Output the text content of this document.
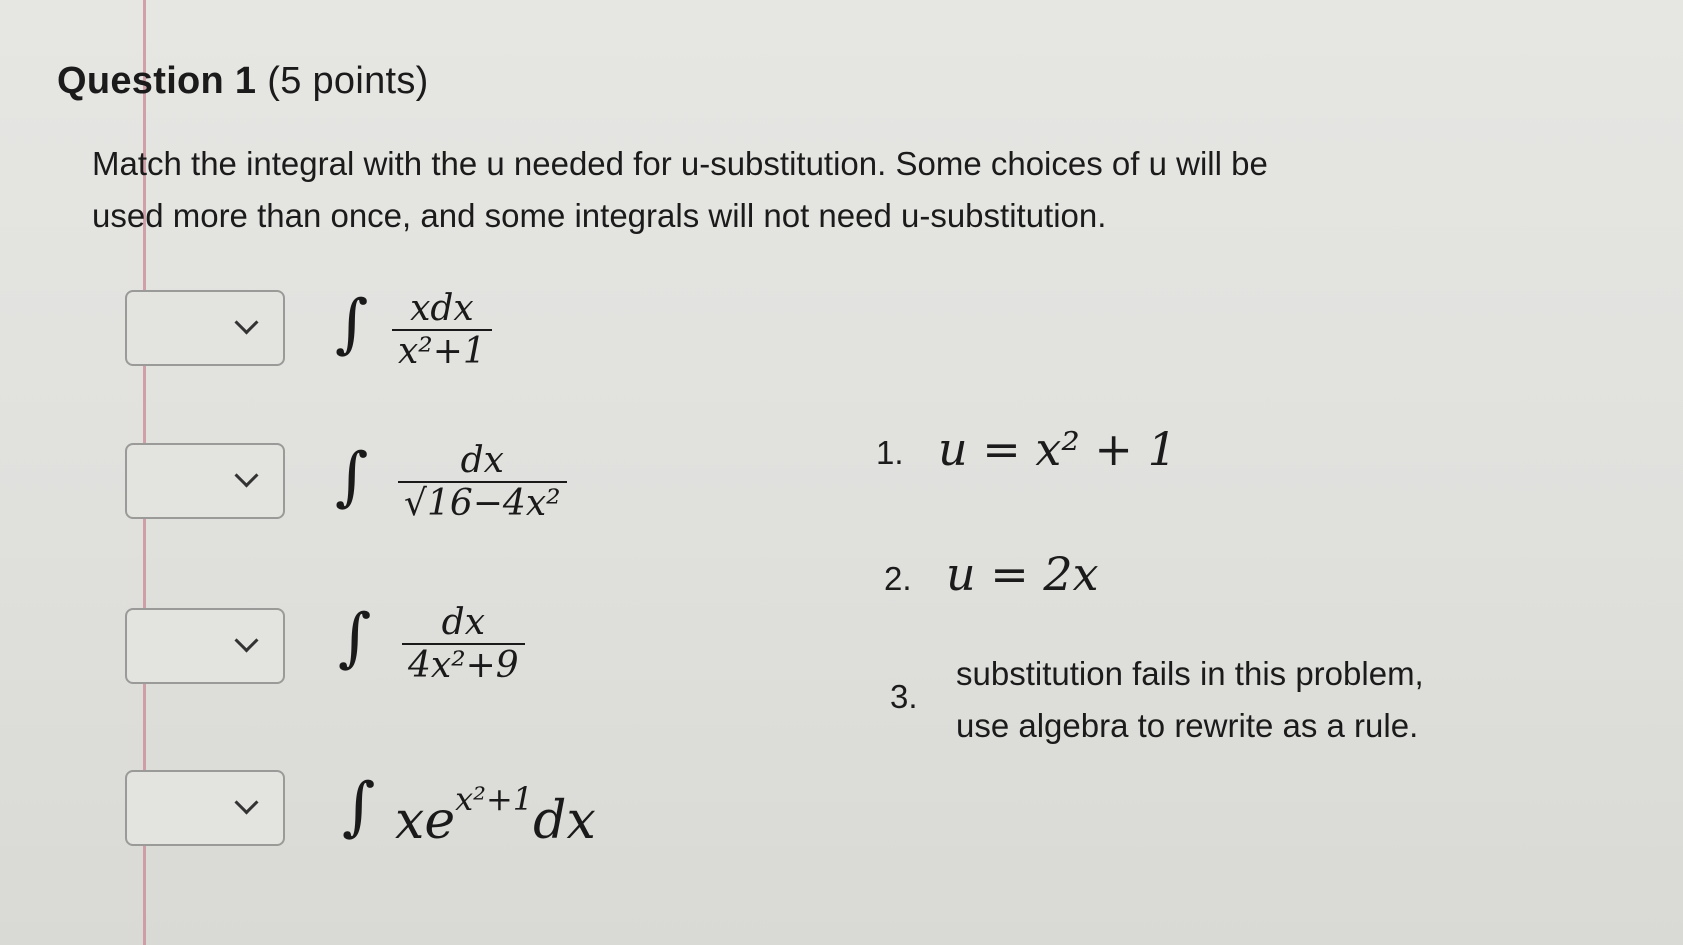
Question 1 (5 points)
Match the integral with the u needed for u-substitution. Some choices of u will be
used more than once, and some integrals will not need u-substitution.
∫	xdx
x²+1
∫ $\frac{dx}{\text{√16−4x²}}$
∫ $\frac{dx}{\text{4x²+9}}$
∫ $xe^{x^2+1}dx$
1. u = x² + 1
2. u = 2x
3.
substitution fails in this problem,
use algebra to rewrite as a rule.
